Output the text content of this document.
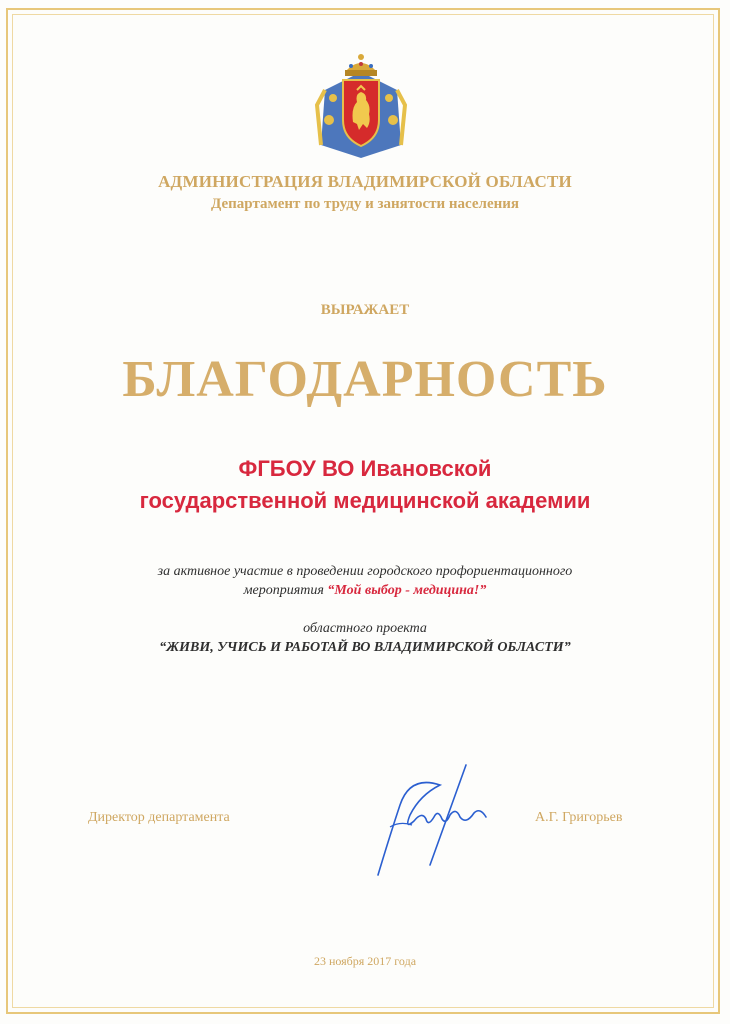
АДМИНИСТРАЦИЯ ВЛАДИМИРСКОЙ ОБЛАСТИ
Департамент по труду и занятости населения
ВЫРАЖАЕТ
БЛАГОДАРНОСТЬ
ФГБОУ ВО Ивановской
государственной медицинской академии
за активное участие в проведении городского профориентационного
мероприятия “Мой выбор - медицина!”
областного проекта
“ЖИВИ, УЧИСЬ И РАБОТАЙ ВО ВЛАДИМИРСКОЙ ОБЛАСТИ”
Директор департамента	А.Г. Григорьев
23 ноября 2017 года
